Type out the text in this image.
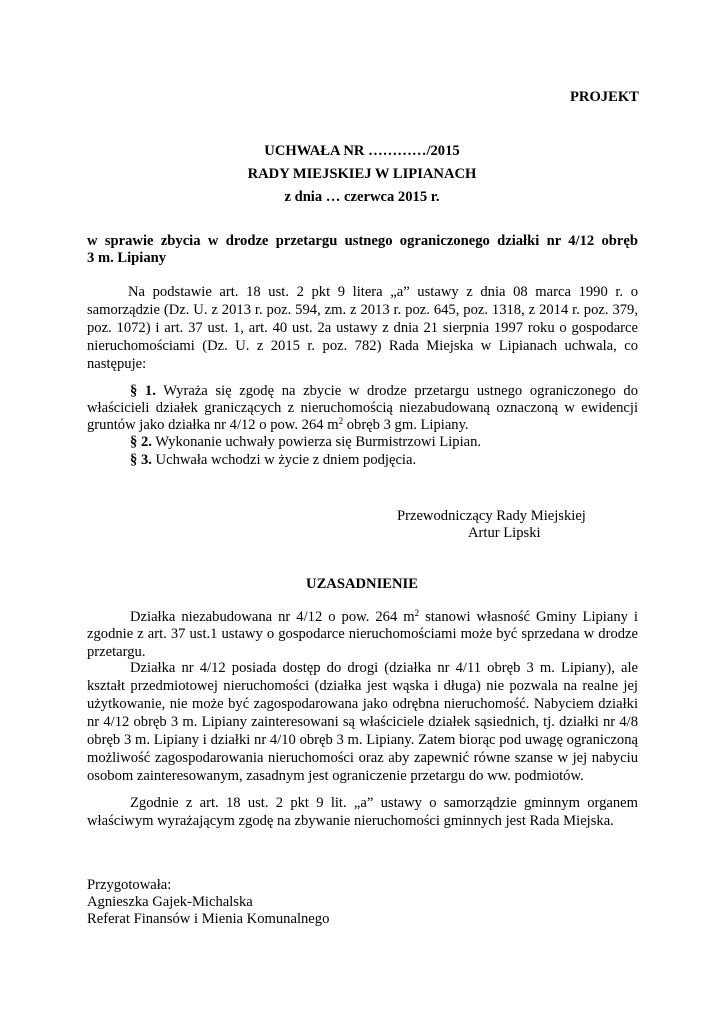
PROJEKT
UCHWAŁA NR …………/2015
RADY MIEJSKIEJ W LIPIANACH
z dnia … czerwca 2015 r.
w sprawie zbycia w drodze przetargu ustnego ograniczonego działki nr 4/12 obręb
3 m. Lipiany
Na podstawie art. 18 ust. 2 pkt 9 litera „a” ustawy z dnia 08 marca 1990 r. o samorządzie (Dz. U. z 2013 r. poz. 594, zm. z 2013 r. poz. 645, poz. 1318, z 2014 r. poz. 379, poz. 1072) i art. 37 ust. 1, art. 40 ust. 2a ustawy z dnia 21 sierpnia 1997 roku o gospodarce nieruchomościami (Dz. U. z 2015 r. poz. 782) Rada Miejska w Lipianach uchwala, co następuje:
§ 1. Wyraża się zgodę na zbycie w drodze przetargu ustnego ograniczonego do
właścicieli działek graniczących z nieruchomością niezabudowaną oznaczoną w ewidencji
gruntów jako działka nr 4/12 o pow. 264 $m^2$ obręb 3 gm. Lipiany.
§ 2. Wykonanie uchwały powierza się Burmistrzowi Lipian.
§ 3. Uchwała wchodzi w życie z dniem podjęcia.
Przewodniczący Rady Miejskiej
Artur Lipski
UZASADNIENIE
Działka niezabudowana nr 4/12 o pow. 264 $m^2$ stanowi własność Gminy Lipiany i
zgodnie z art. 37 ust.1 ustawy o gospodarce nieruchomościami może być sprzedana w drodze przetargu.
Działka nr 4/12 posiada dostęp do drogi (działka nr 4/11 obręb 3 m. Lipiany), ale kształt przedmiotowej nieruchomości (działka jest wąska i długa) nie pozwala na realne jej użytkowanie, nie może być zagospodarowana jako odrębna nieruchomość. Nabyciem działki nr 4/12 obręb 3 m. Lipiany zainteresowani są właściciele działek sąsiednich, tj. działki nr 4/8 obręb 3 m. Lipiany i działki nr 4/10 obręb 3 m. Lipiany. Zatem biorąc pod uwagę ograniczoną możliwość zagospodarowania nieruchomości oraz aby zapewnić równe szanse w jej nabyciu osobom zainteresowanym, zasadnym jest ograniczenie przetargu do ww. podmiotów.
Zgodnie z art. 18 ust. 2 pkt 9 lit. „a” ustawy o samorządzie gminnym organem właściwym wyrażającym zgodę na zbywanie nieruchomości gminnych jest Rada Miejska.
Przygotowała:
Agnieszka Gajek-Michalska
Referat Finansów i Mienia Komunalnego
